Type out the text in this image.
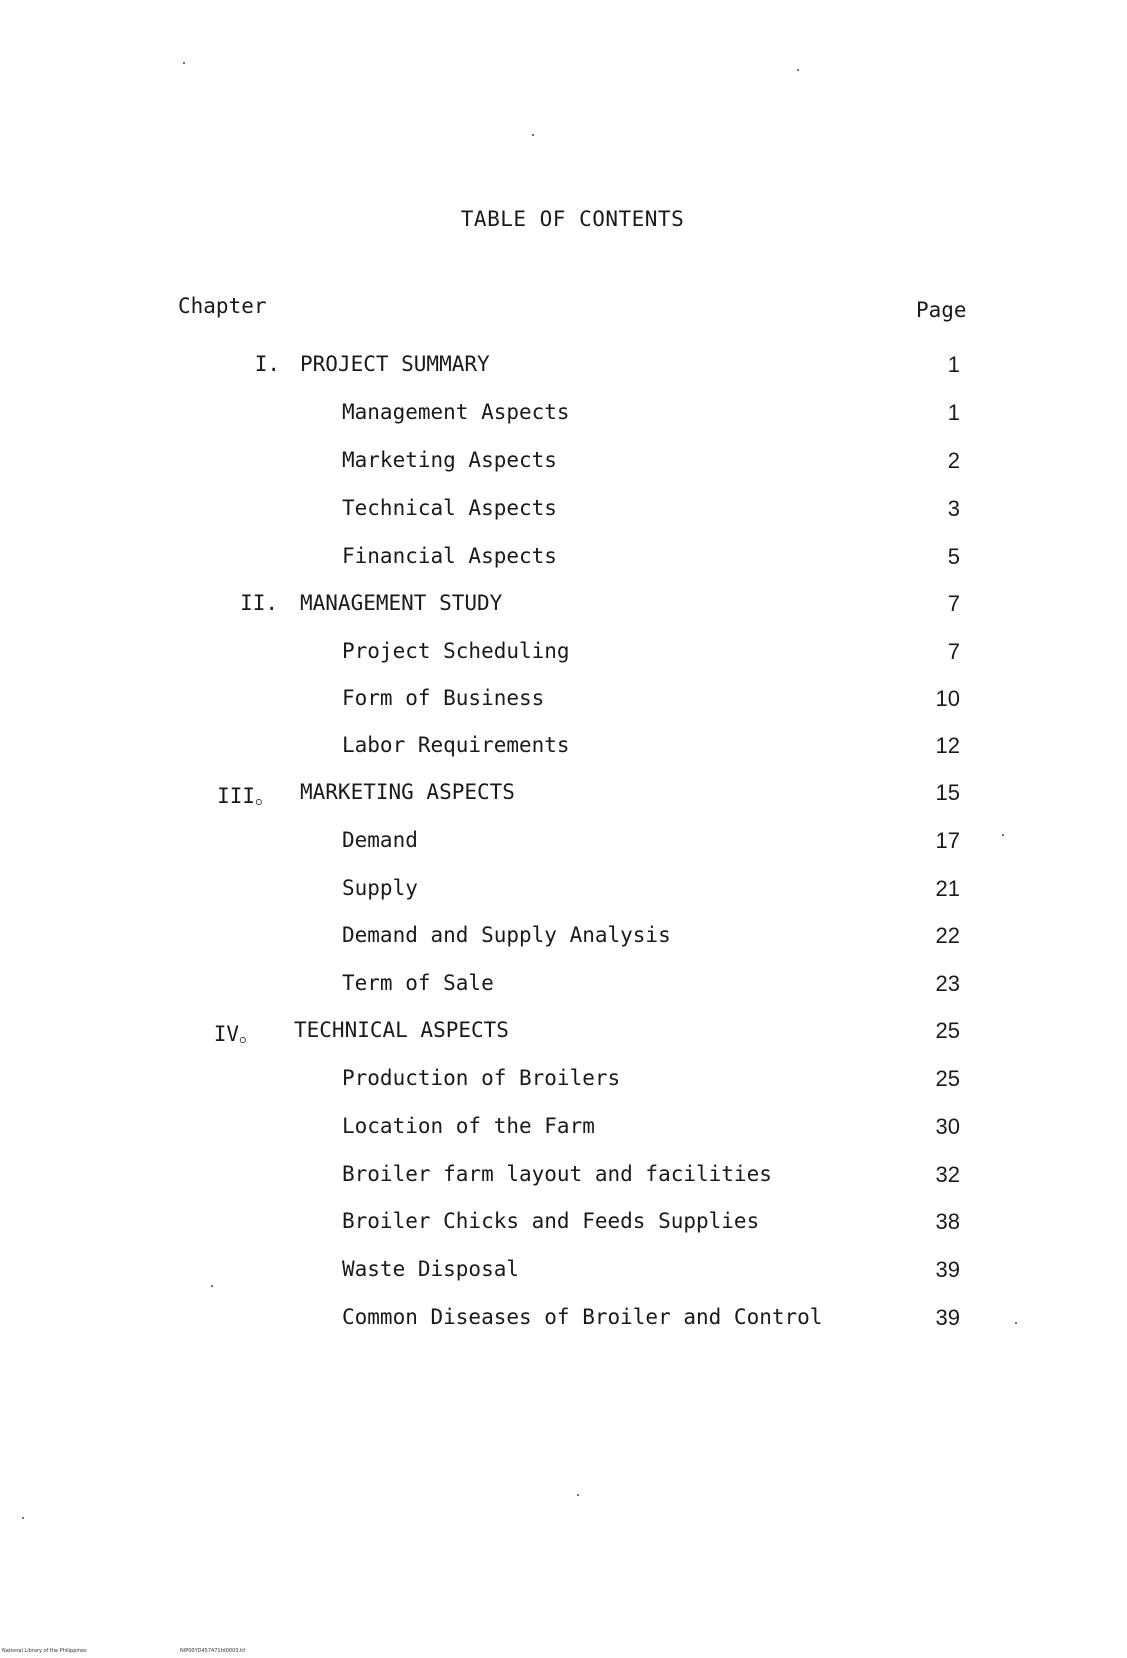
TABLE OF CONTENTS
Chapter	Page
I. PROJECT SUMMARY	1
Management Aspects	1
Marketing Aspects	2
Technical Aspects	3
Financial Aspects	5
II. MANAGEMENT STUDY	7
Project Scheduling	7
Form of Business	10
Labor Requirements	12
III。 MARKETING ASPECTS	15
Demand	17
Supply	21
Demand and Supply Analysis	22
Term of Sale	23
IV。 TECHNICAL ASPECTS	25
Production of Broilers	25
Location of the Farm	30
Broiler farm layout and facilities	32
Broiler Chicks and Feeds Supplies	38
Waste Disposal	39
Common Diseases of Broiler and Control	39
National Library of the Philippines	NIP00YD457471td0003.tif
